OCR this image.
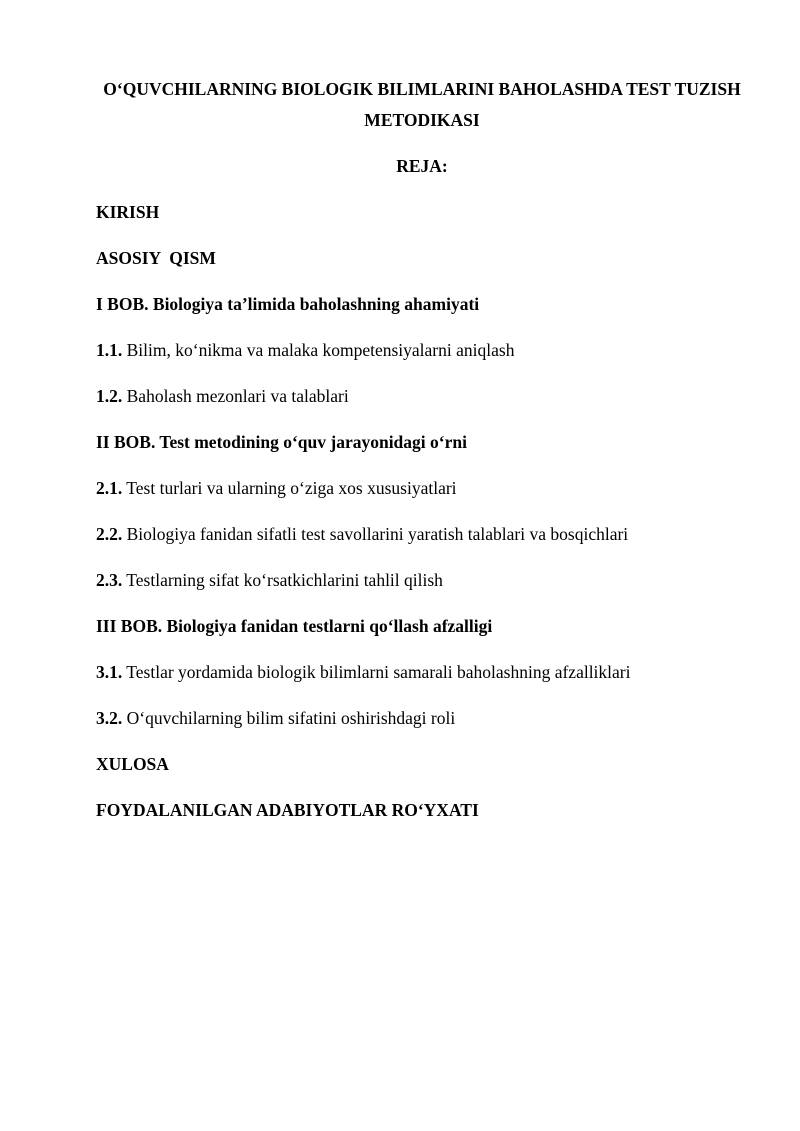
O‘QUVCHILARNING BIOLOGIK BILIMLARINI BAHOLASHDA TEST TUZISH METODIKASI

REJA:

KIRISH

ASOSIY  QISM

I BOB. Biologiya ta’limida baholashning ahamiyati

1.1. Bilim, ko‘nikma va malaka kompetensiyalarni aniqlash

1.2. Baholash mezonlari va talablari

II BOB. Test metodining o‘quv jarayonidagi o‘rni

2.1. Test turlari va ularning o‘ziga xos xususiyatlari

2.2. Biologiya fanidan sifatli test savollarini yaratish talablari va bosqichlari

2.3. Testlarning sifat ko‘rsatkichlarini tahlil qilish

III BOB. Biologiya fanidan testlarni qo‘llash afzalligi

3.1. Testlar yordamida biologik bilimlarni samarali baholashning afzalliklari

3.2. O‘quvchilarning bilim sifatini oshirishdagi roli

XULOSA

FOYDALANILGAN ADABIYOTLAR RO‘YXATI
